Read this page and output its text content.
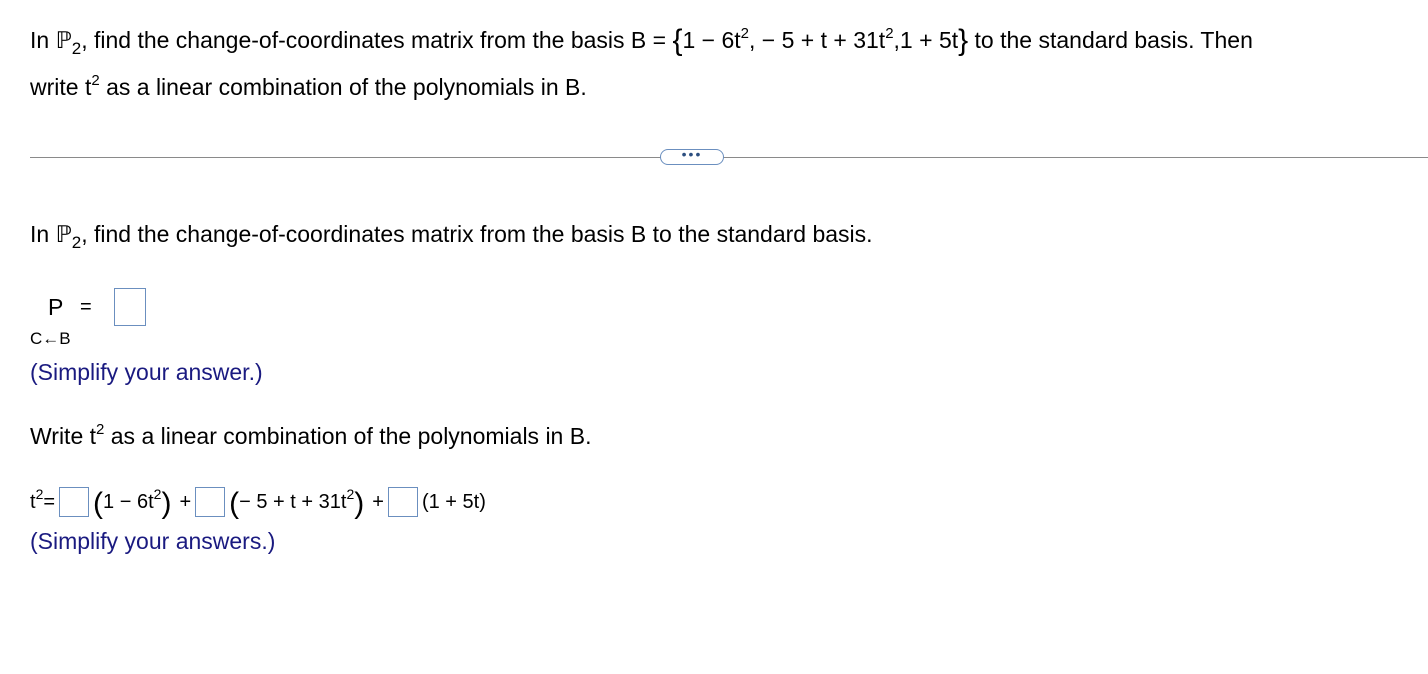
In ℙ$_2$, find the change-of-coordinates matrix from the basis $B = \{1 - 6t^2$, − $5 + t + 31t^2,1 + 5t$} to the standard basis. Then
write $t^2$ as a linear combination of the polynomials in B.
•••
In ℙ$_2$, find the change-of-coordinates matrix from the basis B to the standard basis.
P =
C←B
(Simplify your answer.)
Write $t^2$ as a linear combination of the polynomials in B.
t 2 = ( 1 − 6t 2 ) + ( − 5 + t + 31t 2 ) + (1 + 5t)
(Simplify your answers.)
